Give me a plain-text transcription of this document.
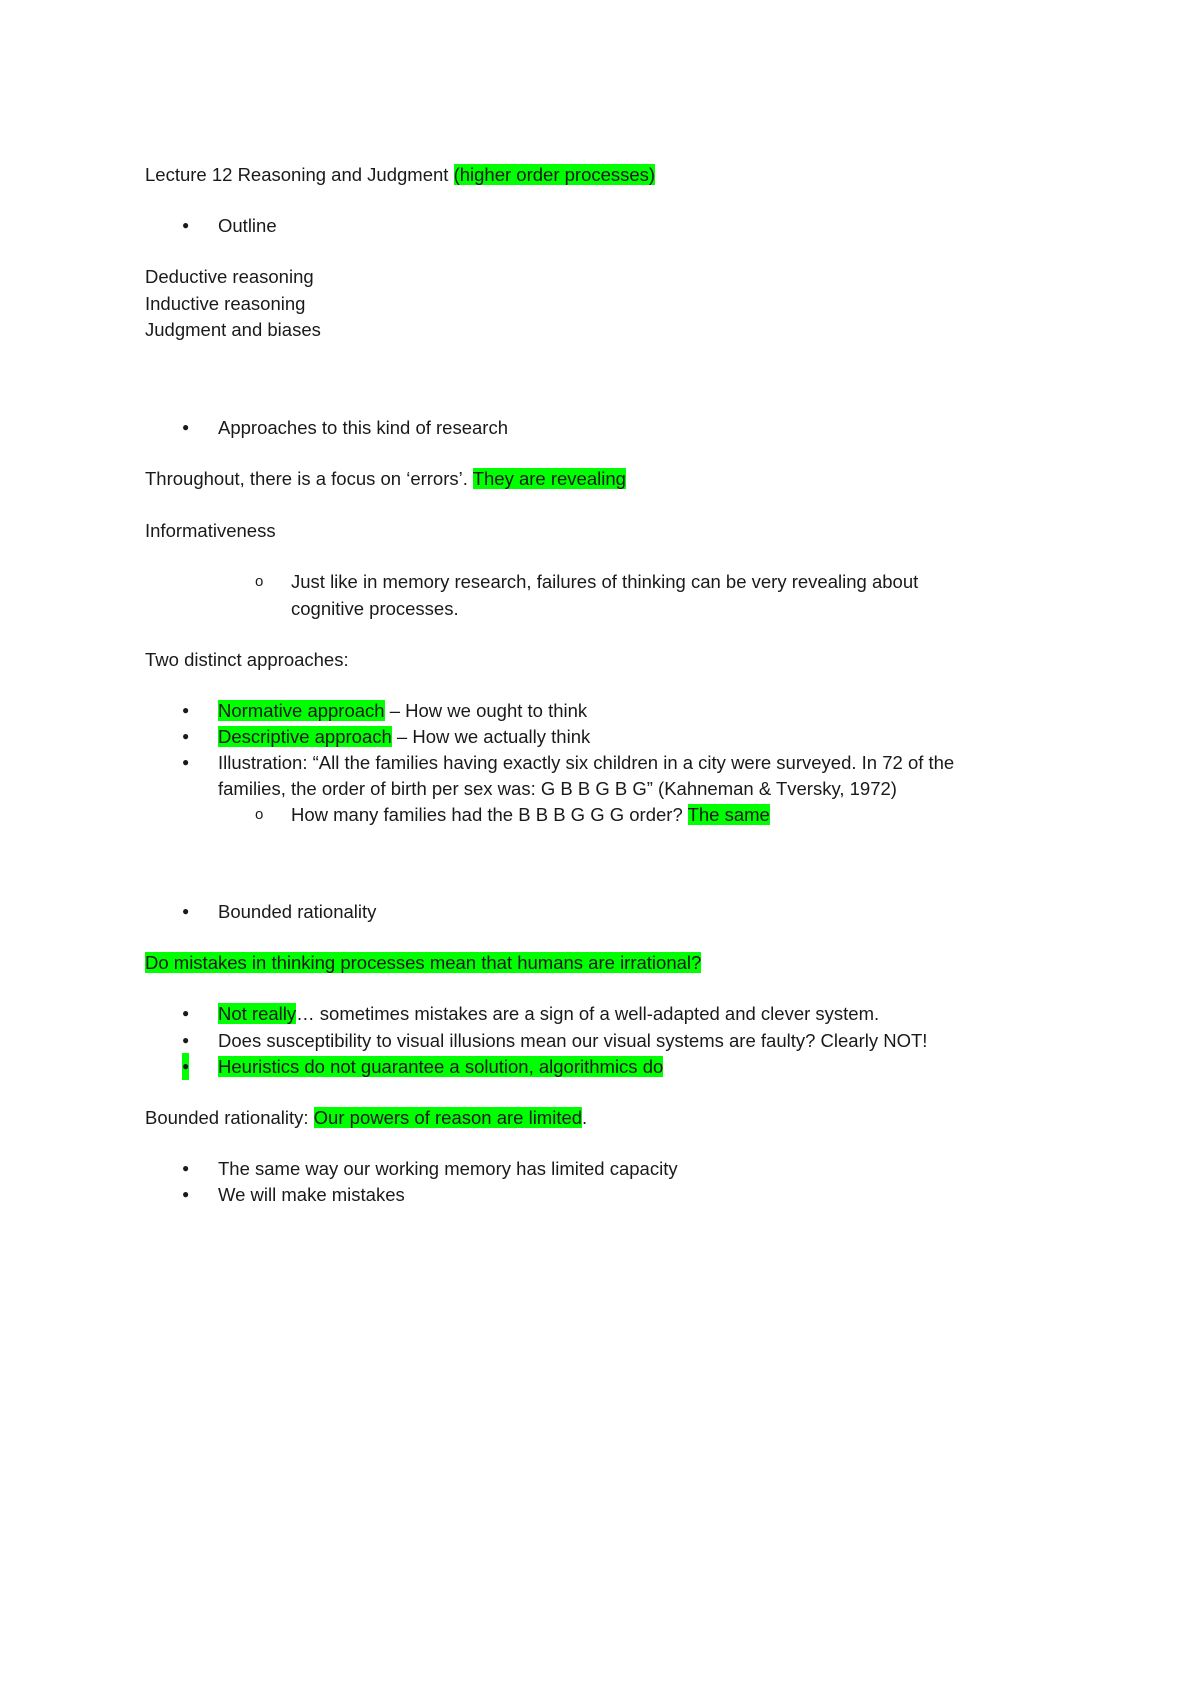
Lecture 12 Reasoning and Judgment (higher order processes)
● Outline
Deductive reasoning
Inductive reasoning
Judgment and biases
● Approaches to this kind of research
Throughout, there is a focus on ‘errors’. They are revealing
Informativeness
o Just like in memory research, failures of thinking can be very revealing about
cognitive processes.
Two distinct approaches:
● Normative approach – How we ought to think
● Descriptive approach – How we actually think
● Illustration: “All the families having exactly six children in a city were surveyed. In 72 of the
families, the order of birth per sex was: G B B G B G” (Kahneman & Tversky, 1972)
o How many families had the B B B G G G order? The same
● Bounded rationality
Do mistakes in thinking processes mean that humans are irrational?
● Not really… sometimes mistakes are a sign of a well-adapted and clever system.
● Does susceptibility to visual illusions mean our visual systems are faulty? Clearly NOT!
● Heuristics do not guarantee a solution, algorithmics do
Bounded rationality: Our powers of reason are limited.
● The same way our working memory has limited capacity
● We will make mistakes
